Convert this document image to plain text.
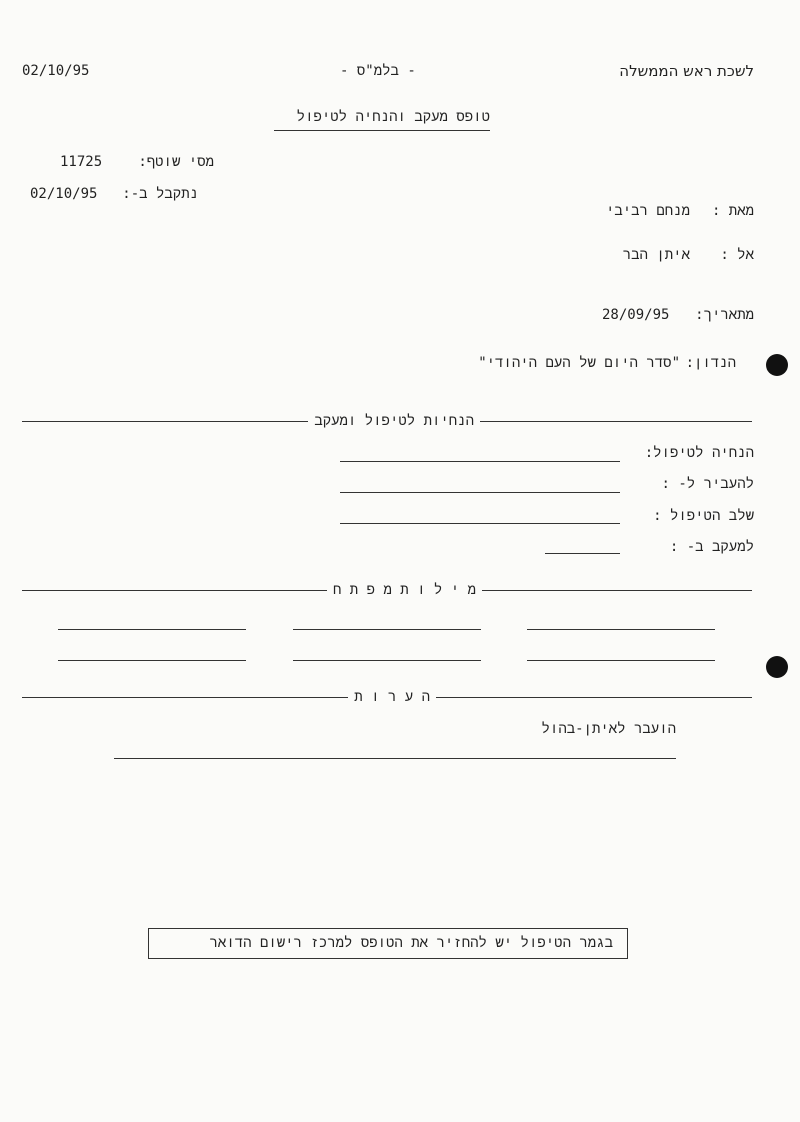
לשכת ראש הממשלה
- בלמ"ס -
02/10/95
טופס מעקב והנחיה לטיפול
מסי שוטף:
11725
נתקבל ב-:
02/10/95
מאת :
מנחם רביבי
אל :
איתן הבר
מתאריך:
28/09/95
הנדון:
"סדר היום של העם היהודי"
הנחיות לטיפול ומעקב
הנחיה לטיפול:
להעביר ל- :
שלב הטיפול :
למעקב ב- :
מ י ל ו ת מ פ ת ח
ה ע ר ו ת
הועבר לאיתן-בהול
בגמר הטיפול יש להחזיר את הטופס למרכז רישום הדואר
